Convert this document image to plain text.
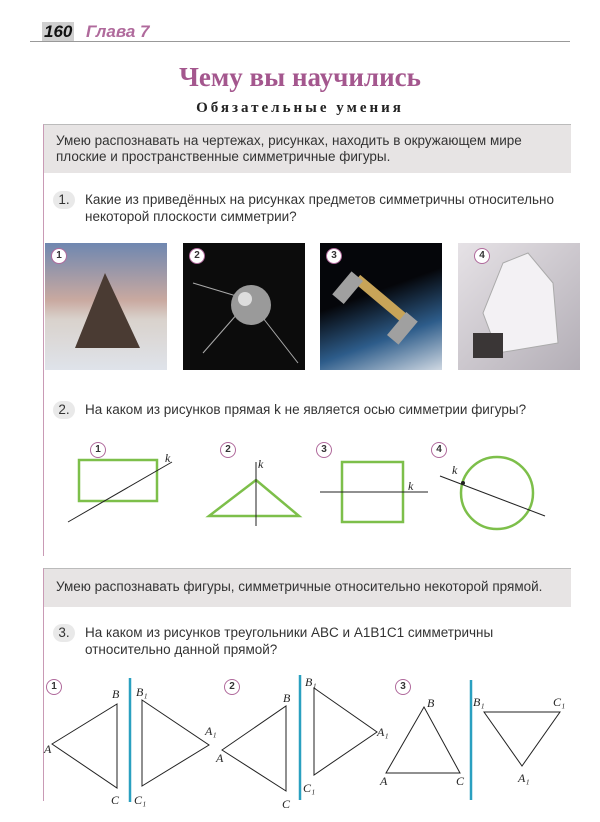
160 Глава 7
Чему вы научились
Обязательные умения
Умею распознавать на чертежах, рисунках, находить в окружающем мире плоские и пространственные симметричные фигуры.
1.	Какие из приведённых на рисунках предметов симметричны относительно некоторой плоскости симметрии?
1	2	3	4
2.	На каком из рисунков прямая k не является осью симметрии фигуры?
1	2	3	4
k	k
k
k
Умею распознавать фигуры, симметричные относительно некоторой прямой.
3.	На каком из рисунков треугольники ABC и A1B1C1 симметричны относительно данной прямой?
1	2	3
A
B
C
B₁
A₁
C₁
A
B
C
B₁
A₁
C₁	A
B
C
B₁	C₁
A₁
